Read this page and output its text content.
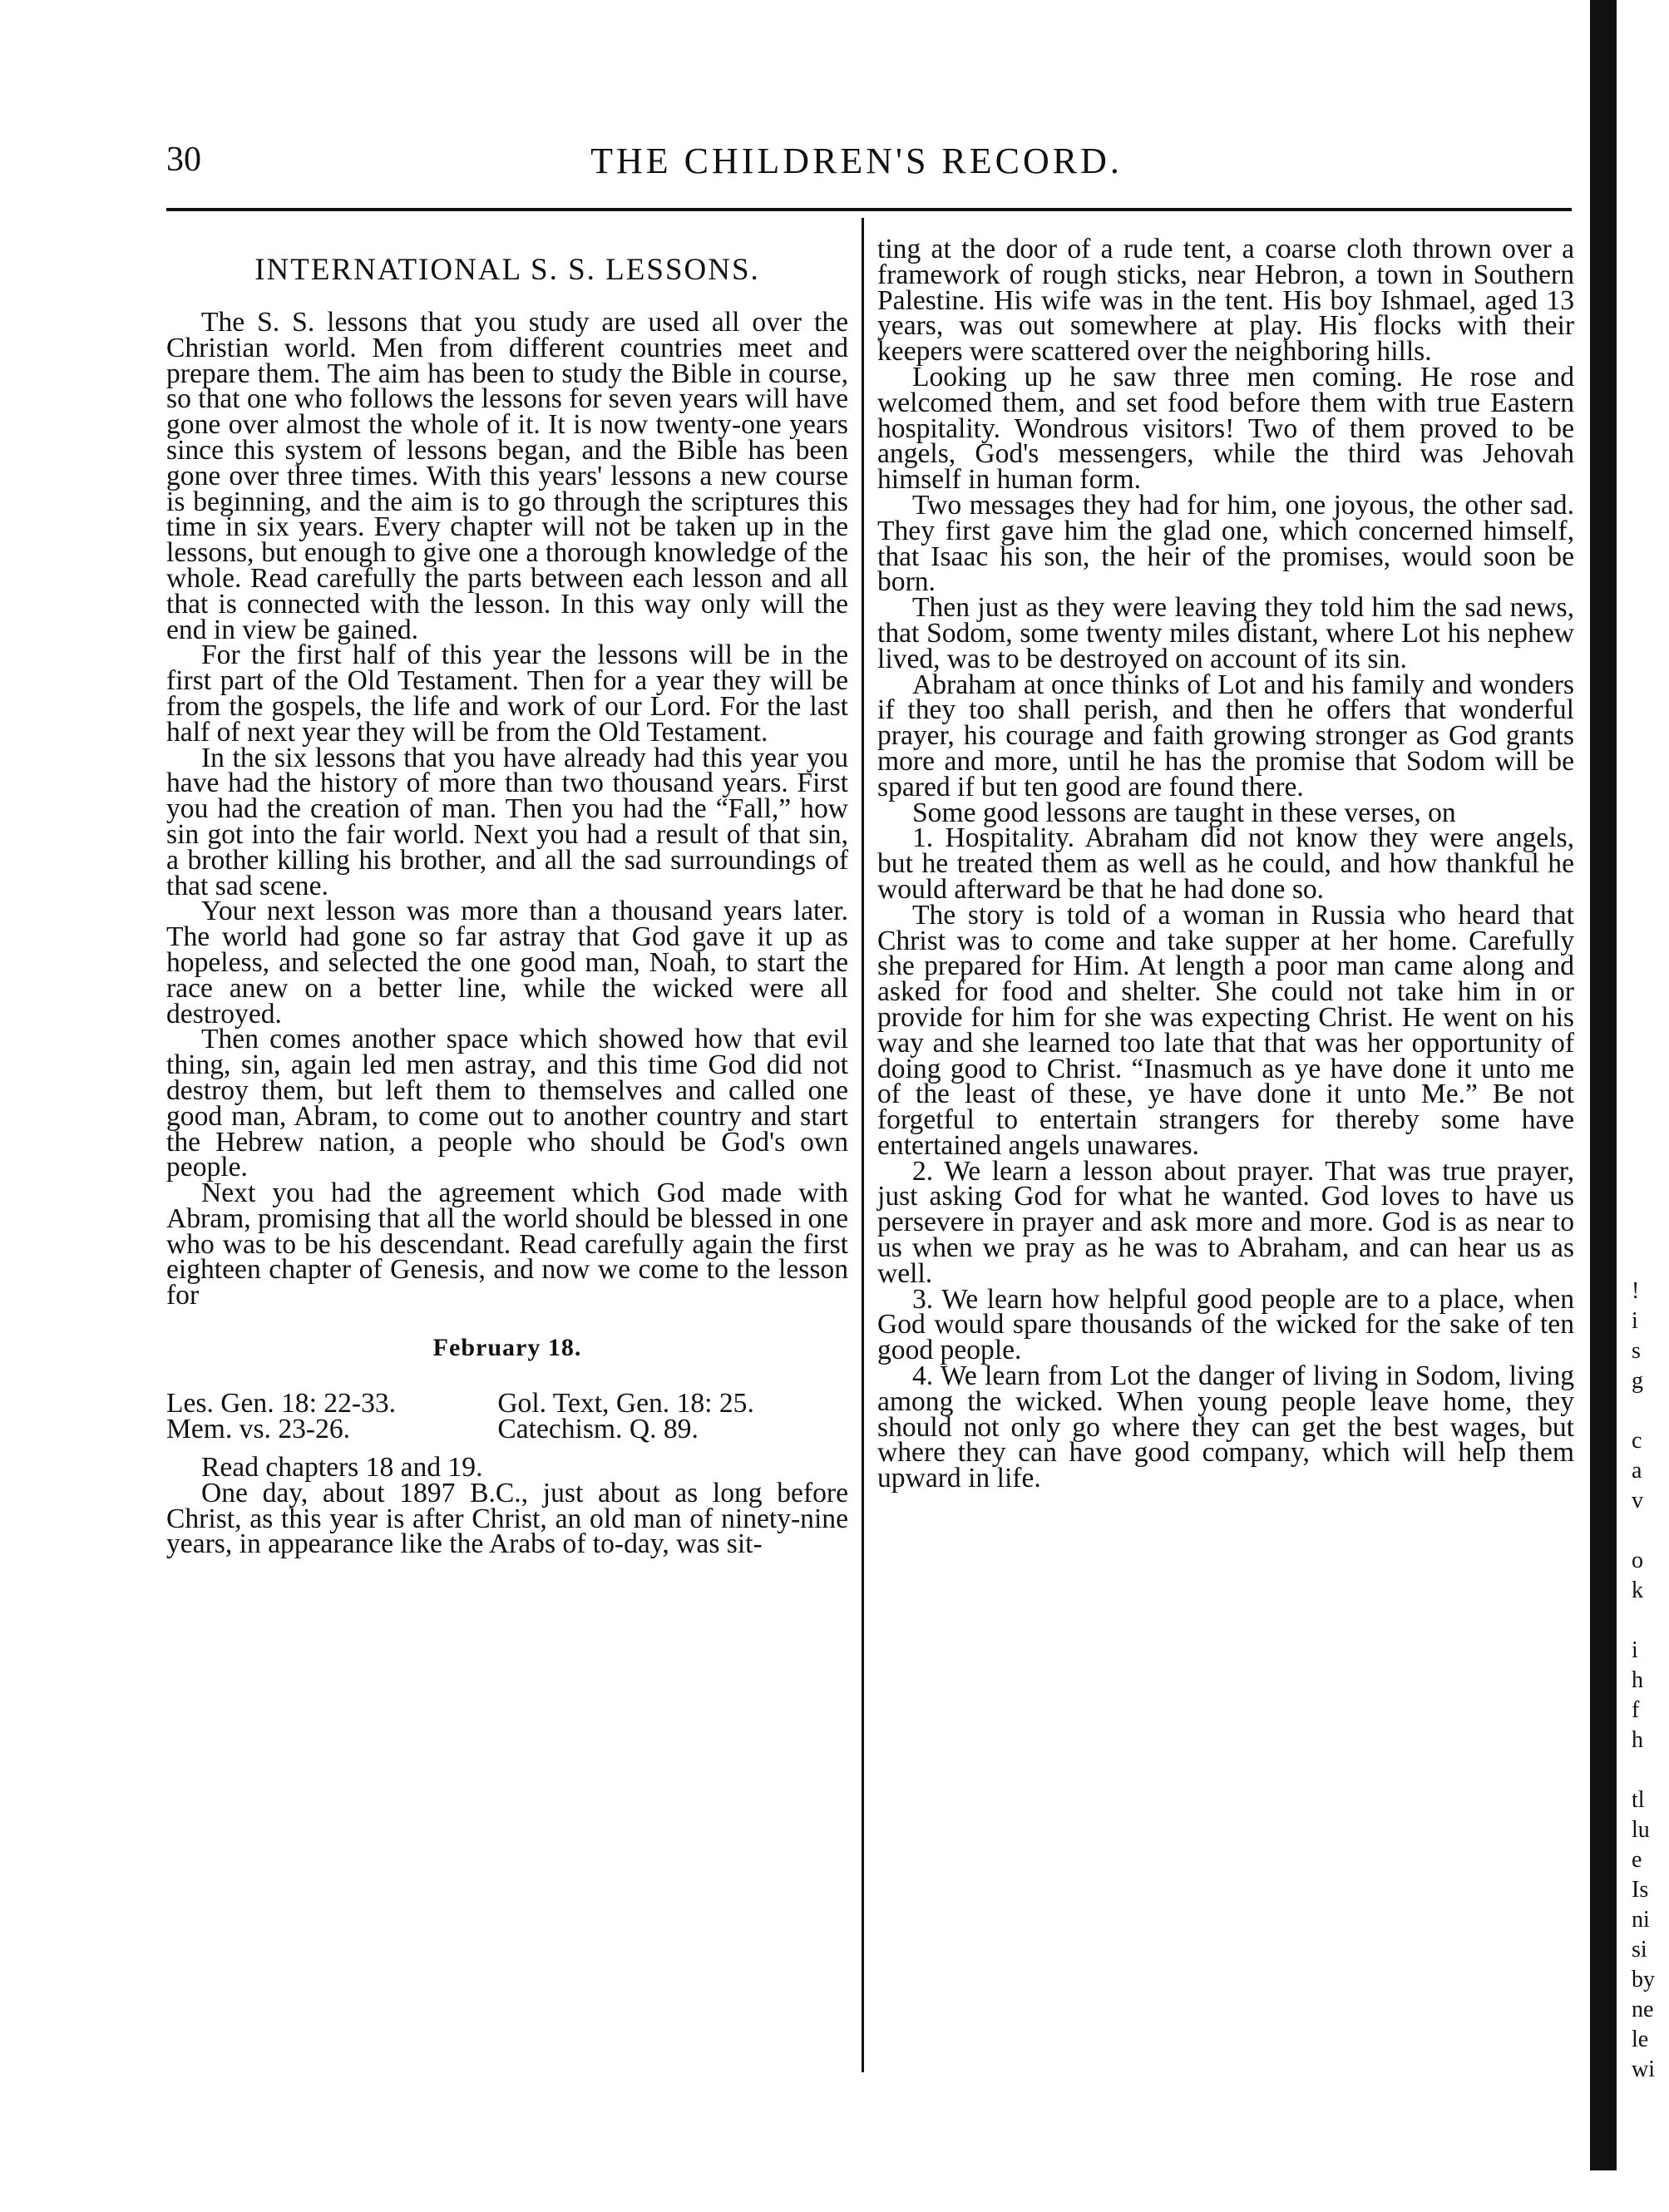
30	THE CHILDREN'S RECORD.
INTERNATIONAL S. S. LESSONS.

The S. S. lessons that you study are used all over the Christian world. Men from different countries meet and prepare them. The aim has been to study the Bible in course, so that one who follows the lessons for seven years will have gone over almost the whole of it. It is now twenty-one years since this system of lessons began, and the Bible has been gone over three times. With this years' lessons a new course is beginning, and the aim is to go through the scriptures this time in six years. Every chapter will not be taken up in the lessons, but enough to give one a thorough knowledge of the whole. Read carefully the parts between each lesson and all that is connected with the lesson. In this way only will the end in view be gained.

For the first half of this year the lessons will be in the first part of the Old Testament. Then for a year they will be from the gospels, the life and work of our Lord. For the last half of next year they will be from the Old Testament.

In the six lessons that you have already had this year you have had the history of more than two thousand years. First you had the creation of man. Then you had the “Fall,” how sin got into the fair world. Next you had a result of that sin, a brother killing his brother, and all the sad surroundings of that sad scene.

Your next lesson was more than a thousand years later. The world had gone so far astray that God gave it up as hopeless, and selected the one good man, Noah, to start the race anew on a better line, while the wicked were all destroyed.

Then comes another space which showed how that evil thing, sin, again led men astray, and this time God did not destroy them, but left them to themselves and called one good man, Abram, to come out to another country and start the Hebrew nation, a people who should be God's own people.

Next you had the agreement which God made with Abram, promising that all the world should be blessed in one who was to be his descendant. Read carefully again the first eighteen chapter of Genesis, and now we come to the lesson for

February 18.
Les. Gen. 18: 22-33.	Gol. Text, Gen. 18: 25.
Mem. vs. 23-26.	Catechism. Q. 89.

Read chapters 18 and 19.

One day, about 1897 B.C., just about as long before Christ, as this year is after Christ, an old man of ninety-nine years, in appearance like the Arabs of to-day, was sit-

ting at the door of a rude tent, a coarse cloth thrown over a framework of rough sticks, near Hebron, a town in Southern Palestine. His wife was in the tent. His boy Ishmael, aged 13 years, was out somewhere at play. His flocks with their keepers were scattered over the neighboring hills.

Looking up he saw three men coming. He rose and welcomed them, and set food before them with true Eastern hospitality. Wondrous visitors! Two of them proved to be angels, God's messengers, while the third was Jehovah himself in human form.

Two messages they had for him, one joyous, the other sad. They first gave him the glad one, which concerned himself, that Isaac his son, the heir of the promises, would soon be born.

Then just as they were leaving they told him the sad news, that Sodom, some twenty miles distant, where Lot his nephew lived, was to be destroyed on account of its sin.

Abraham at once thinks of Lot and his family and wonders if they too shall perish, and then he offers that wonderful prayer, his courage and faith growing stronger as God grants more and more, until he has the promise that Sodom will be spared if but ten good are found there.

Some good lessons are taught in these verses, on

1. Hospitality. Abraham did not know they were angels, but he treated them as well as he could, and how thankful he would afterward be that he had done so.

The story is told of a woman in Russia who heard that Christ was to come and take supper at her home. Carefully she prepared for Him. At length a poor man came along and asked for food and shelter. She could not take him in or provide for him for she was expecting Christ. He went on his way and she learned too late that that was her opportunity of doing good to Christ. “Inasmuch as ye have done it unto me of the least of these, ye have done it unto Me.” Be not forgetful to entertain strangers for thereby some have entertained angels unawares.

2. We learn a lesson about prayer. That was true prayer, just asking God for what he wanted. God loves to have us persevere in prayer and ask more and more. God is as near to us when we pray as he was to Abraham, and can hear us as well.

3. We learn how helpful good people are to a place, when God would spare thousands of the wicked for the sake of ten good people.

4. We learn from Lot the danger of living in Sodom, living among the wicked. When young people leave home, they should not only go where they can get the best wages, but where they can have good company, which will help them upward in life.

!
i
s
g
c
a
v
o
k
i
h
f
h
tl
lu
e
Is
ni
si
by
ne
le
wi
